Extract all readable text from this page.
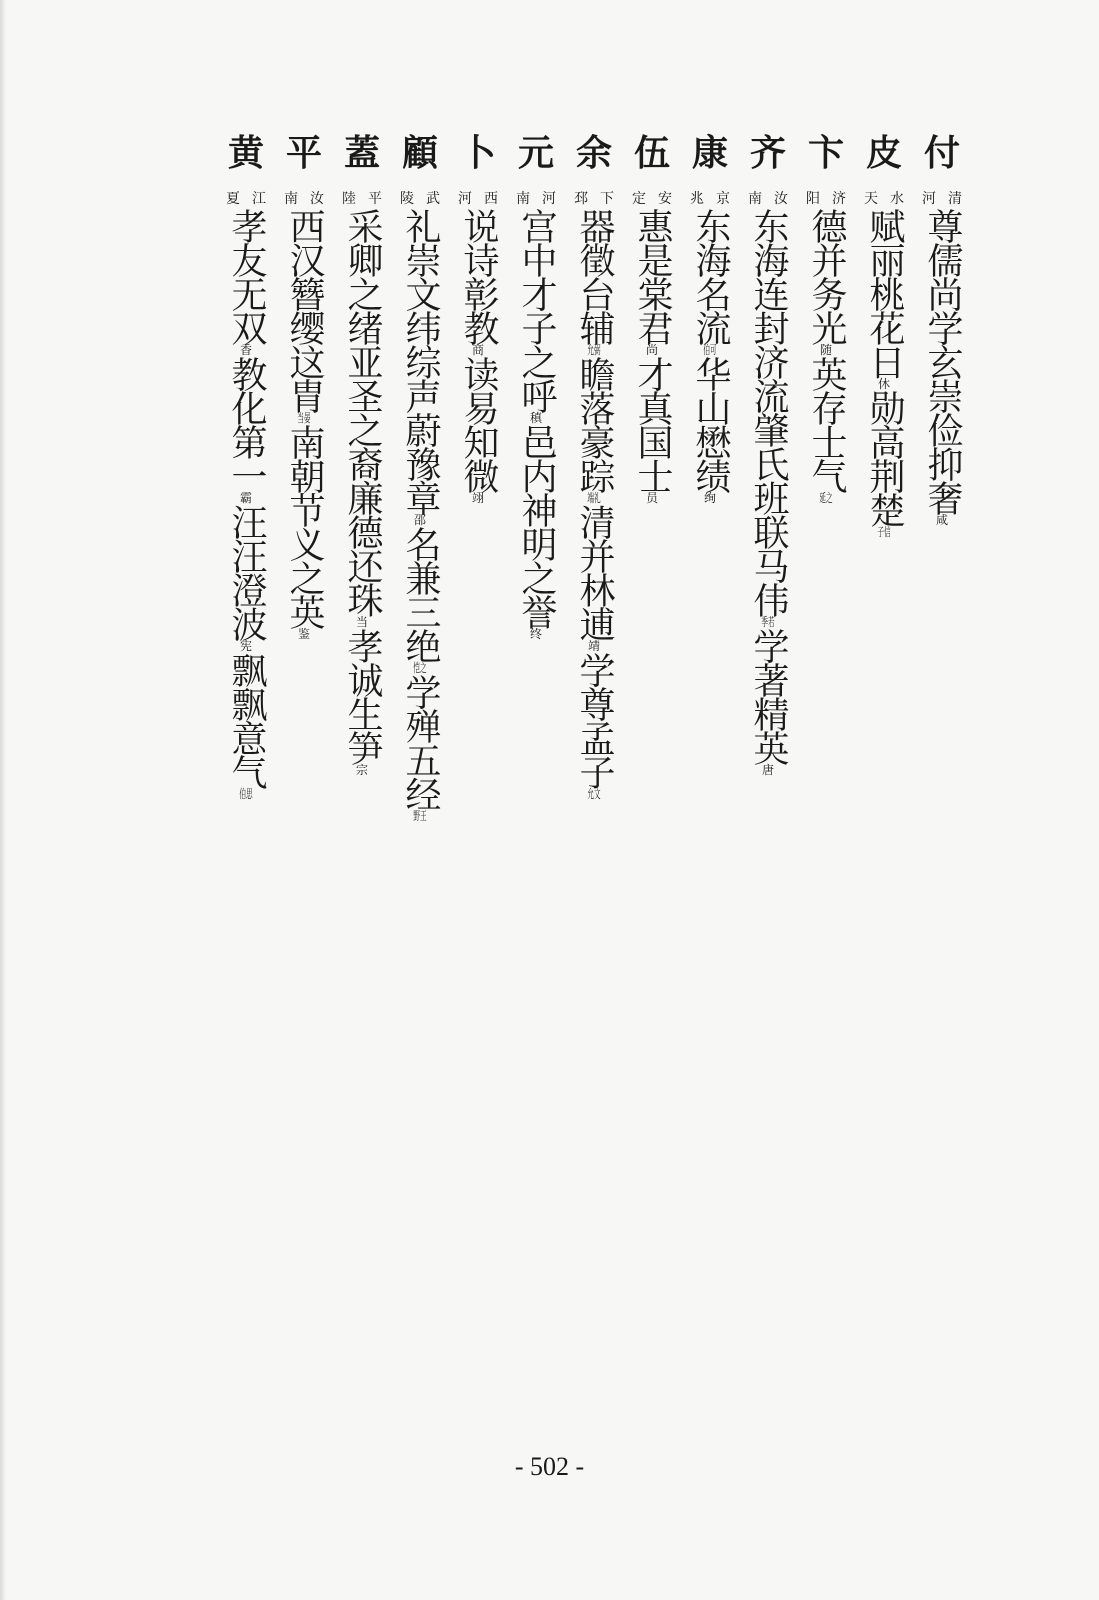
付
清
河
尊儒尚学玄崇俭抑奢$^咸$
皮
水
天
赋丽桃花日$^休$勋高荆楚$^{子信}$
卞
济
阳
德并务光$^随$英存士气$^{延之}$
齐
汝
南
东海连封济流肇氏班联马伟$^{季若}$学著精英$^唐$
康
京
兆
东海名流$^{伯可}$华山懋绩$^绚$
伍
安
定
惠是棠君$^尚$才真国士$^员$
余
下
邳
器徵台辅$^{允弼}$瞻落豪踪$^{端礼}$清并林逋$^靖$学尊孟子$^{允文}$
元
河
南
宫中才子之呼$^稹$邑内神明之誉$^终$
卜
西
河
说诗彰教$^商$读易知微$^翊$
顧
武
陵
礼崇文纬综声蔚豫章$^邵$名兼三绝$^{恺之}$学殚五经$^{野王}$
蓋
平
陸
采卿之绪亚圣之裔廉德还珠$^当$孝诚生笋$^宗$
平
汝
南
西汉簪缨这胄$^{当晏}$南朝节义之英$^鉴$
黄
江
夏
孝友无双$^香$教化第一$^霸$汪汪澄波$^宪$飘飘意气$^{伯思}$
- 502 -
